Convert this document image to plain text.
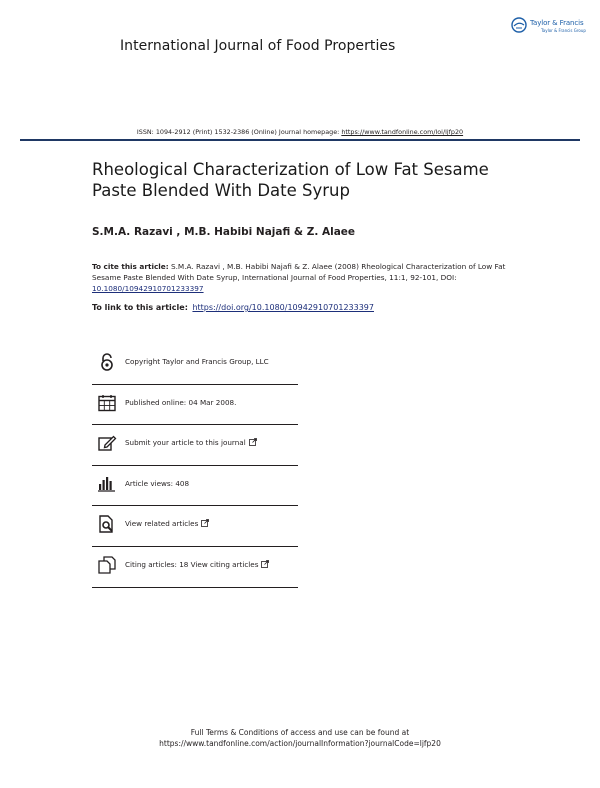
Taylor & Francis
Taylor & Francis Group
International Journal of Food Properties
ISSN: 1094-2912 (Print) 1532-2386 (Online) Journal homepage: https://www.tandfonline.com/loi/ljfp20
Rheological Characterization of Low Fat Sesame
Paste Blended With Date Syrup
S.M.A. Razavi , M.B. Habibi Najafi & Z. Alaee
To cite this article: S.M.A. Razavi , M.B. Habibi Najafi & Z. Alaee (2008) Rheological Characterization of Low Fat Sesame Paste Blended With Date Syrup, International Journal of Food Properties, 11:1, 92-101, DOI: 10.1080/10942910701233397
To link to this article: https://doi.org/10.1080/10942910701233397
Copyright Taylor and Francis Group, LLC
Published online: 04 Mar 2008.
Submit your article to this journal
Article views: 408
View related articles
Citing articles: 18 View citing articles
Full Terms & Conditions of access and use can be found at
https://www.tandfonline.com/action/journalInformation?journalCode=ljfp20
